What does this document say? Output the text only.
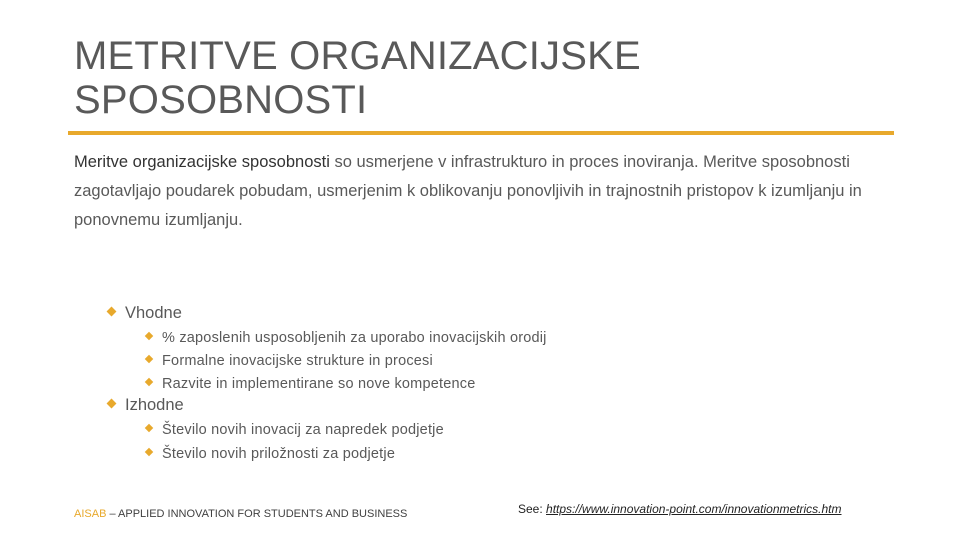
METRITVE ORGANIZACIJSKE
SPOSOBNOSTI
Meritve organizacijske sposobnosti so usmerjene v infrastrukturo in proces inoviranja. Meritve sposobnosti zagotavljajo poudarek pobudam, usmerjenim k oblikovanju ponovljivih in trajnostnih pristopov k izumljanju in ponovnemu izumljanju.
Vhodne
% zaposlenih usposobljenih za uporabo inovacijskih orodij
Formalne inovacijske strukture in procesi
Razvite in implementirane so nove kompetence
Izhodne
Število novih inovacij za napredek podjetje
Število novih priložnosti za podjetje
AISAB – APPLIED INNOVATION FOR STUDENTS AND BUSINESS	See: https://www.innovation-point.com/innovationmetrics.htm
